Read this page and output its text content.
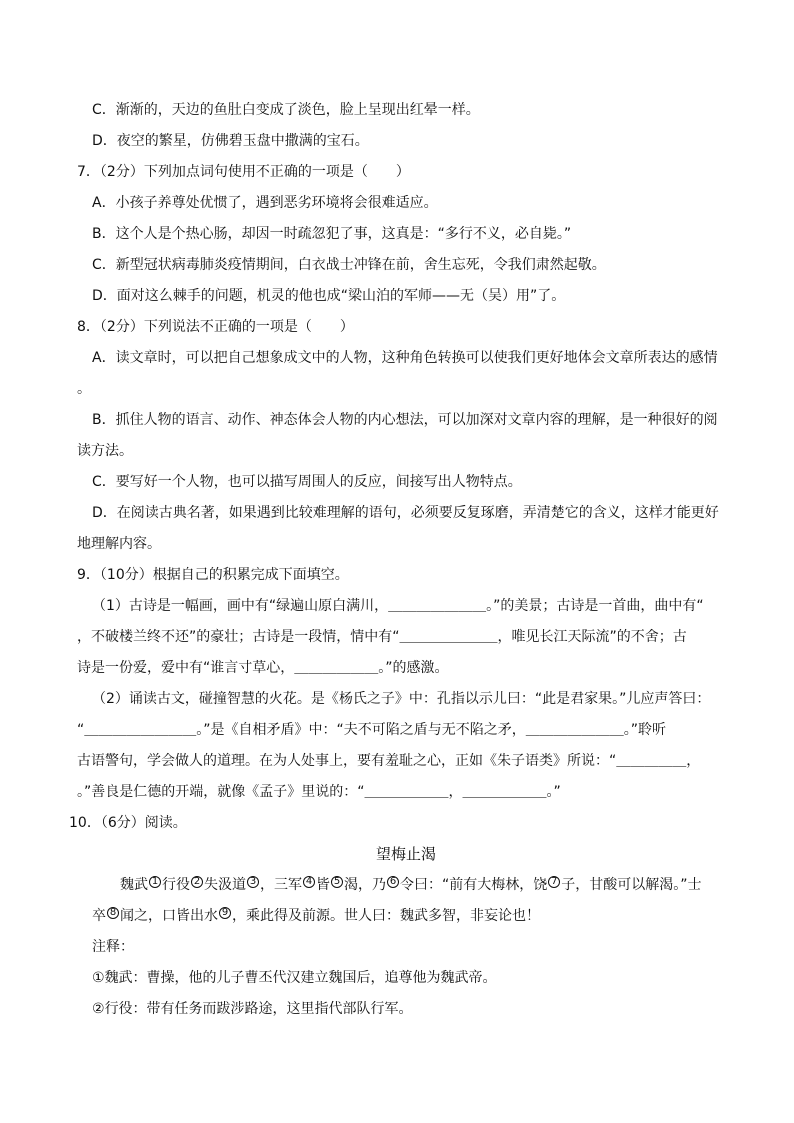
C．渐渐的，天边的鱼肚白变成了淡色，脸上呈现出红晕一样。
D．夜空的繁星，仿佛碧玉盘中撒满的宝石。
7．（2分）下列加点词句使用不正确的一项是（　　）
A．小孩子养尊处优惯了，遇到恶劣环境将会很难适应。
B．这个人是个热心肠，却因一时疏忽犯了事，这真是：“多行不义，必自毙。”
C．新型冠状病毒肺炎疫情期间，白衣战士冲锋在前，舍生忘死，令我们肃然起敬。
D．面对这么棘手的问题，机灵的他也成“梁山泊的军师——无（吴）用”了。
8．（2分）下列说法不正确的一项是（　　）
A．读文章时，可以把自己想象成文中的人物，这种角色转换可以使我们更好地体会文章所表达的感情
。
B．抓住人物的语言、动作、神态体会人物的内心想法，可以加深对文章内容的理解，是一种很好的阅
读方法。
C．要写好一个人物，也可以描写周围人的反应，间接写出人物特点。
D．在阅读古典名著，如果遇到比较难理解的语句，必须要反复琢磨，弄清楚它的含义，这样才能更好
地理解内容。
9．（10分）根据自己的积累完成下面填空。
（1）古诗是一幅画，画中有“绿遍山原白满川，＿＿＿＿＿＿＿。”的美景；古诗是一首曲，曲中有“
，不破楼兰终不还”的豪壮；古诗是一段情，情中有“＿＿＿＿＿＿＿，唯见长江天际流”的不舍；古
诗是一份爱，爱中有“谁言寸草心，＿＿＿＿＿＿。”的感激。
（2）诵读古文，碰撞智慧的火花。是《杨氏之子》中：孔指以示儿曰：“此是君家果。”儿应声答曰：
“＿＿＿＿＿＿＿＿。”是《自相矛盾》中：“夫不可陷之盾与无不陷之矛，＿＿＿＿＿＿＿。”聆听
古语警句，学会做人的道理。在为人处事上，要有羞耻之心，正如《朱子语类》所说：“＿＿＿＿＿，
。”善良是仁德的开端，就像《孟子》里说的：“＿＿＿＿＿＿，＿＿＿＿＿＿。”
10．（6分）阅读。
望梅止渴
魏武 1 行役 2 失汲道 3 ，三军 4 皆 5 渴，乃 6 令曰：“前有大梅林，饶 7 子，甘酸可以解渴。”士
卒 8 闻之，口皆出水 9 ，乘此得及前源。世人曰：魏武多智，非妄论也！
注释：
①魏武：曹操，他的儿子曹丕代汉建立魏国后，追尊他为魏武帝。
②行役：带有任务而跋涉路途，这里指代部队行军。
